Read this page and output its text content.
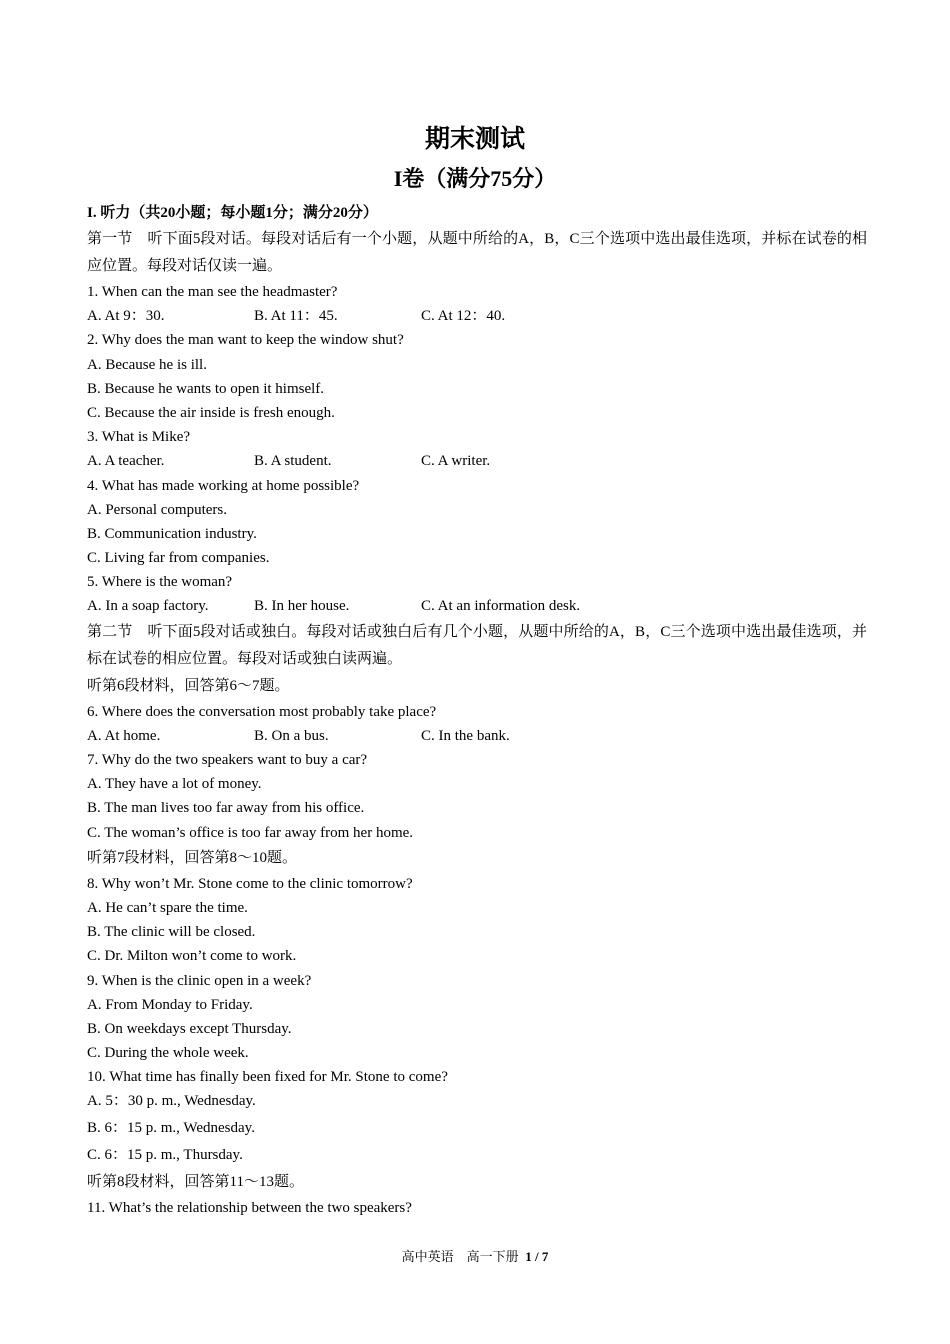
期末测试
I卷（满分75分）
I. 听力（共20小题；每小题1分；满分20分）
第一节　听下面5段对话。每段对话后有一个小题，从题中所给的A，B，C三个选项中选出最佳选项，并标在试卷的相应位置。每段对话仅读一遍。
1. When can the man see the headmaster?
A. At 9：30.	B. At 11：45.	C. At 12：40.
2. Why does the man want to keep the window shut?
A. Because he is ill.
B. Because he wants to open it himself.
C. Because the air inside is fresh enough.
3. What is Mike?
A. A teacher.	B. A student.	C. A writer.
4. What has made working at home possible?
A. Personal computers.
B. Communication industry.
C. Living far from companies.
5. Where is the woman?
A. In a soap factory.	B. In her house.	C. At an information desk.
第二节　听下面5段对话或独白。每段对话或独白后有几个小题，从题中所给的A，B，C三个选项中选出最佳选项，并标在试卷的相应位置。每段对话或独白读两遍。
听第6段材料，回答第6～7题。
6. Where does the conversation most probably take place?
A. At home.	B. On a bus.	C. In the bank.
7. Why do the two speakers want to buy a car?
A. They have a lot of money.
B. The man lives too far away from his office.
C. The woman’s office is too far away from her home.
听第7段材料，回答第8～10题。
8. Why won’t Mr. Stone come to the clinic tomorrow?
A. He can’t spare the time.
B. The clinic will be closed.
C. Dr. Milton won’t come to work.
9. When is the clinic open in a week?
A. From Monday to Friday.
B. On weekdays except Thursday.
C. During the whole week.
10. What time has finally been fixed for Mr. Stone to come?
A. 5：30 p. m., Wednesday.
B. 6：15 p. m., Wednesday.
C. 6：15 p. m., Thursday.
听第8段材料，回答第11～13题。
11. What’s the relationship between the two speakers?
高中英语　高一下册 1 / 7
